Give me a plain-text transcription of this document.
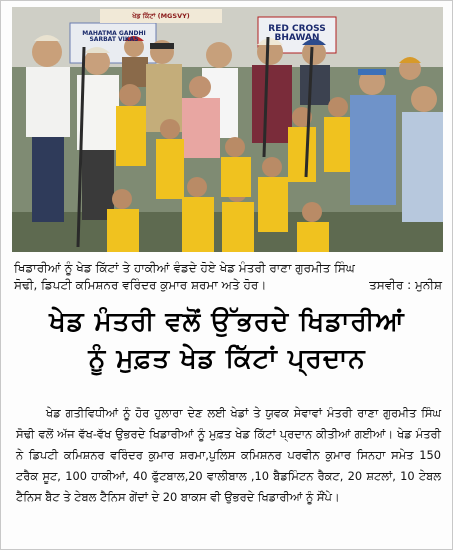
MAHATMA GANDHI SARBAT VIKAS
ਖੇਡ ਕਿੱਟਾਂ (MGSVY)
RED CROSS BHAWAN
ਖਿਡਾਰੀਆਂ ਨੂੰ ਖੇਡ ਕਿੱਟਾਂ ਤੇ ਹਾਕੀਆਂ ਵੰਡਦੇ ਹੋਏ ਖੇਡ ਮੰਤਰੀ ਰਾਣਾ ਗੁਰਮੀਤ ਸਿੰਘ
ਸੋਢੀ, ਡਿਪਟੀ ਕਮਿਸ਼ਨਰ ਵਰਿੰਦਰ ਕੁਮਾਰ ਸ਼ਰਮਾ ਅਤੇ ਹੋਰ।	ਤਸਵੀਰ : ਮੁਨੀਸ਼
ਖੇਡ ਮੰਤਰੀ ਵਲੋਂ ਉੱਭਰਦੇ ਖਿਡਾਰੀਆਂ
ਨੂੰ ਮੁਫ਼ਤ ਖੇਡ ਕਿੱਟਾਂ ਪ੍ਰਦਾਨ

ਖੇਡ ਗਤੀਵਿਧੀਆਂ ਨੂੰ ਹੋਰ ਹੁਲਾਰਾ ਦੇਣ ਲਈ ਖੇਡਾਂ ਤੇ ਯੁਵਕ ਸੇਵਾਵਾਂ ਮੰਤਰੀ ਰਾਣਾ ਗੁਰਮੀਤ ਸਿੰਘ ਸੋਢੀ ਵਲੋਂ ਅੱਜ ਵੱਖ-ਵੱਖ ਉਭਰਦੇ ਖਿਡਾਰੀਆਂ ਨੂੰ ਮੁਫ਼ਤ ਖੇਡ ਕਿੱਟਾਂ ਪ੍ਰਦਾਨ ਕੀਤੀਆਂ ਗਈਆਂ। ਖੇਡ ਮੰਤਰੀ ਨੇ ਡਿਪਟੀ ਕਮਿਸ਼ਨਰ ਵਰਿੰਦਰ ਕੁਮਾਰ ਸ਼ਰਮਾ,ਪੁਲਿਸ ਕਮਿਸ਼ਨਰ ਪਰਵੀਨ ਕੁਮਾਰ ਸਿਨਹਾ ਸਮੇਤ 150 ਟਰੈਕ ਸੂਟ, 100 ਹਾਕੀਆਂ, 40 ਫੁੱਟਬਾਲ,20 ਵਾਲੀਬਾਲ ,10 ਬੈਡਮਿੰਟਨ ਰੈਕਟ, 20 ਸ਼ਟਲਾਂ, 10 ਟੇਬਲ ਟੈਨਿਸ ਬੈਟ ਤੇ ਟੇਬਲ ਟੈਨਿਸ ਗੇਂਦਾਂ ਦੇ 20 ਬਾਕਸ ਵੀ ਉਭਰਦੇ ਖਿਡਾਰੀਆਂ ਨੂੰ ਸੌਂਪੇ।
